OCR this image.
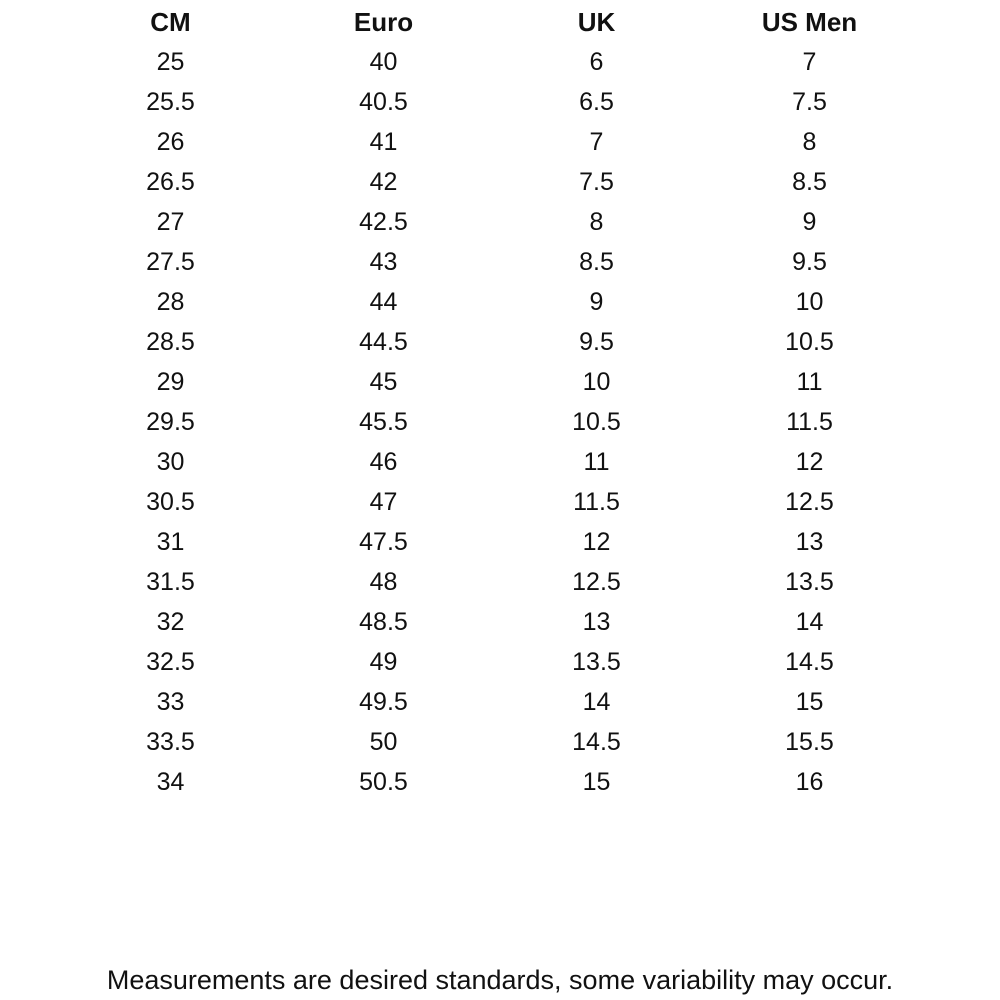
CM	Euro	UK	US Men
25	40	6	7
25.5	40.5	6.5	7.5
26	41	7	8
26.5	42	7.5	8.5
27	42.5	8	9
27.5	43	8.5	9.5
28	44	9	10
28.5	44.5	9.5	10.5
29	45	10	11
29.5	45.5	10.5	11.5
30	46	11	12
30.5	47	11.5	12.5
31	47.5	12	13
31.5	48	12.5	13.5
32	48.5	13	14
32.5	49	13.5	14.5
33	49.5	14	15
33.5	50	14.5	15.5
34	50.5	15	16
Measurements are desired standards, some variability may occur.
